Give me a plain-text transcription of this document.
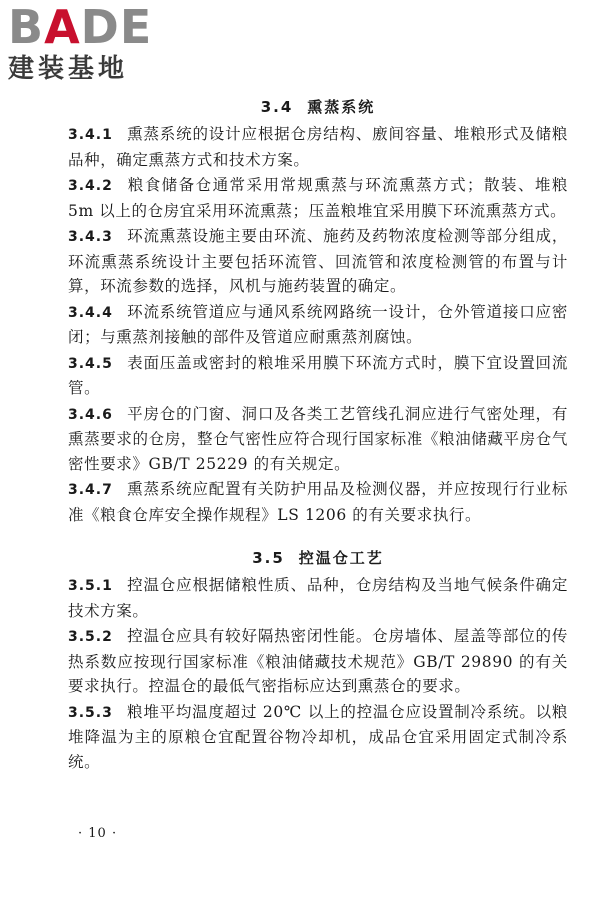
BADE
建装基地
3.4 熏蒸系统

3.4.1 熏蒸系统的设计应根据仓房结构、廒间容量、堆粮形式及储粮品种，确定熏蒸方式和技术方案。

3.4.2 粮食储备仓通常采用常规熏蒸与环流熏蒸方式；散装、堆粮 5m 以上的仓房宜采用环流熏蒸；压盖粮堆宜采用膜下环流熏蒸方式。

3.4.3 环流熏蒸设施主要由环流、施药及药物浓度检测等部分组成，环流熏蒸系统设计主要包括环流管、回流管和浓度检测管的布置与计算，环流参数的选择，风机与施药装置的确定。

3.4.4 环流系统管道应与通风系统网路统一设计，仓外管道接口应密闭；与熏蒸剂接触的部件及管道应耐熏蒸剂腐蚀。

3.4.5 表面压盖或密封的粮堆采用膜下环流方式时，膜下宜设置回流管。

3.4.6 平房仓的门窗、洞口及各类工艺管线孔洞应进行气密处理，有熏蒸要求的仓房，整仓气密性应符合现行国家标准《粮油储藏平房仓气密性要求》GB/T 25229 的有关规定。

3.4.7 熏蒸系统应配置有关防护用品及检测仪器，并应按现行行业标准《粮食仓库安全操作规程》LS 1206 的有关要求执行。

3.5 控温仓工艺

3.5.1 控温仓应根据储粮性质、品种，仓房结构及当地气候条件确定技术方案。

3.5.2 控温仓应具有较好隔热密闭性能。仓房墙体、屋盖等部位的传热系数应按现行国家标准《粮油储藏技术规范》GB/T 29890 的有关要求执行。控温仓的最低气密指标应达到熏蒸仓的要求。

3.5.3 粮堆平均温度超过 20℃ 以上的控温仓应设置制冷系统。以粮堆降温为主的原粮仓宜配置谷物冷却机，成品仓宜采用固定式制冷系统。

· 10 ·
